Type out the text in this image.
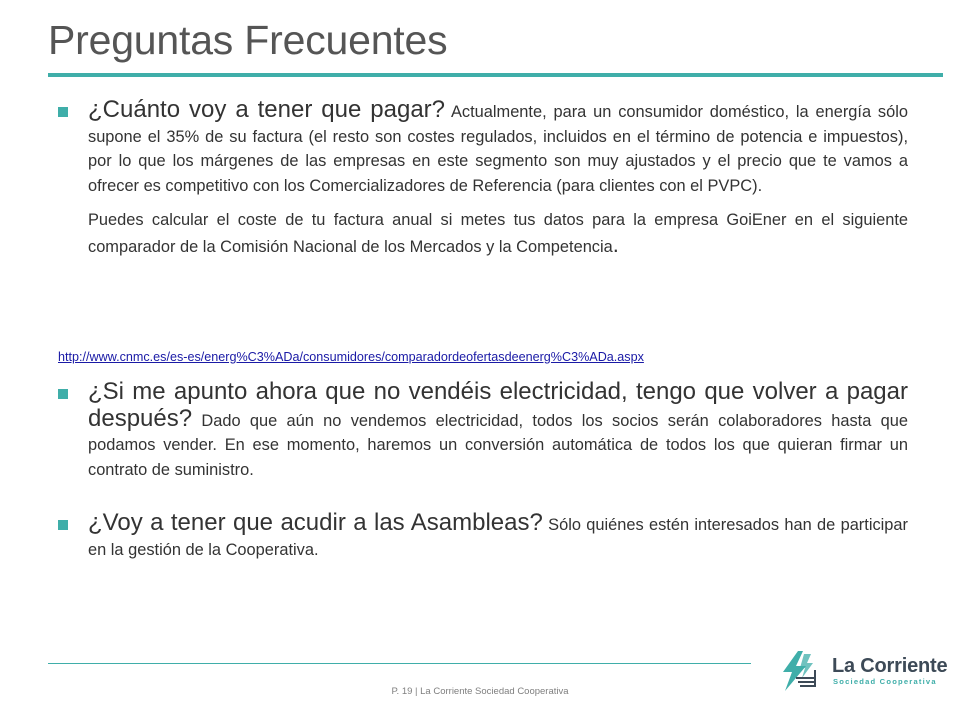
Preguntas Frecuentes

¿Cuánto voy a tener que pagar? Actualmente, para un consumidor doméstico, la energía sólo supone el 35% de su factura (el resto son costes regulados, incluidos en el término de potencia e impuestos), por lo que los márgenes de las empresas en este segmento son muy ajustados y el precio que te vamos a ofrecer es competitivo con los Comercializadores de Referencia (para clientes con el PVPC).

Puedes calcular el coste de tu factura anual si metes tus datos para la empresa GoiEner en el siguiente comparador de la Comisión Nacional de los Mercados y la Competencia.

http://www.cnmc.es/es-es/energ%C3%ADa/consumidores/comparadordeofertasdeenerg%C3%ADa.aspx

¿Si me apunto ahora que no vendéis electricidad, tengo que volver a pagar después? Dado que aún no vendemos electricidad, todos los socios serán colaboradores hasta que podamos vender. En ese momento, haremos un conversión automática de todos los que quieran firmar un contrato de suministro.

¿Voy a tener que acudir a las Asambleas? Sólo quiénes estén interesados han de participar en la gestión de la Cooperativa.

P. 19 | La Corriente Sociedad Cooperativa
La Corriente
Sociedad Cooperativa
